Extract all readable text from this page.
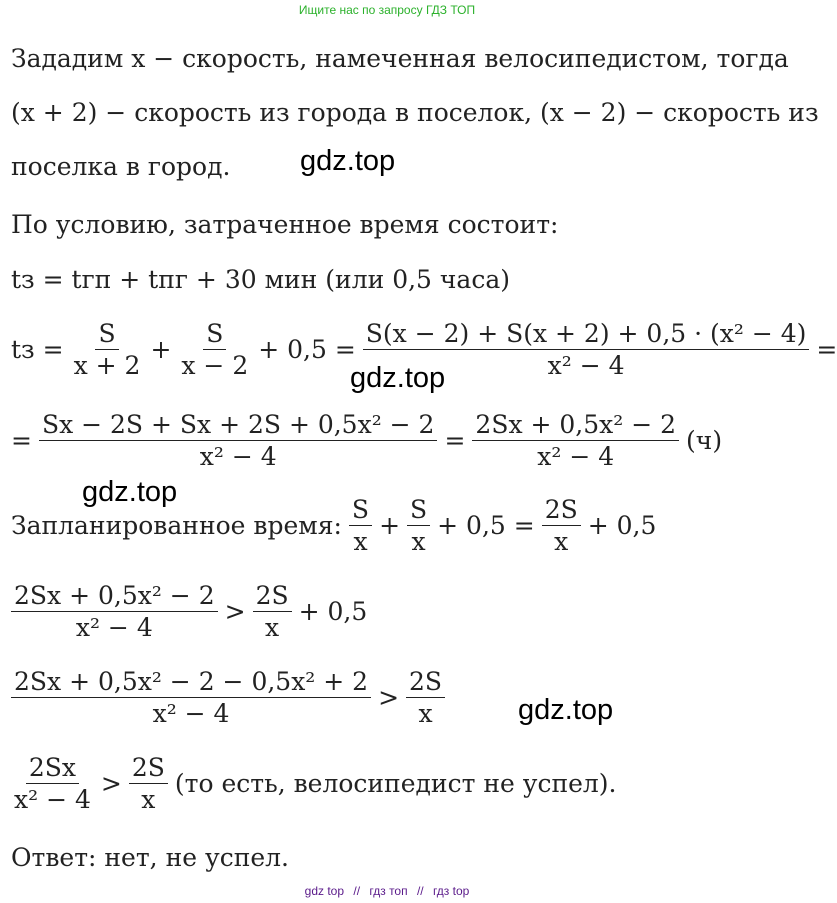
Ищите нас по запросу ГДЗ ТОП
Зададим x − скорость, намеченная велосипедистом, тогда
(x + 2) − скорость из города в поселок, (x − 2) − скорость из
поселка в город.
По условию, затраченное время состоит:
tз = tгп + tпг + 30 мин (или 0,5 часа)
tз = $\frac{S}{x + 2} + \frac{S}{x - 2} + 0,5 = \frac{\text{S(x − 2) + S(x + 2) + 0,5 · (x² − 4)}}{\text{x² − 4}}$ =
= $\frac{\text{Sx − 2S + Sx + 2S + 0,5x² − 2}}{\text{x² − 4}} = \frac{\text{2Sx + 0,5x² − 2}}{\text{x² − 4}} (ч)$
Запланированное время: $\frac{S}{x} + \frac{S}{x} + 0,5 = \frac{2S}{x} + 0,5$
$\frac{\text{2Sx + 0,5x² − 2}}{\text{x² − 4}} > \frac{2S}{x} + 0,5$
$\frac{\text{2Sx + 0,5x² − 2 − 0,5x² + 2}}{\text{x² − 4}} > \frac{2S}{x}$
$\frac{2Sx}{\text{x² − 4}} > \frac{2S}{x} (то$ есть, велосипедист не успел).
Ответ: нет, не успел.
gdz.top
gdz.top
gdz.top
gdz.top
gdz top // гдз топ // гдз top
